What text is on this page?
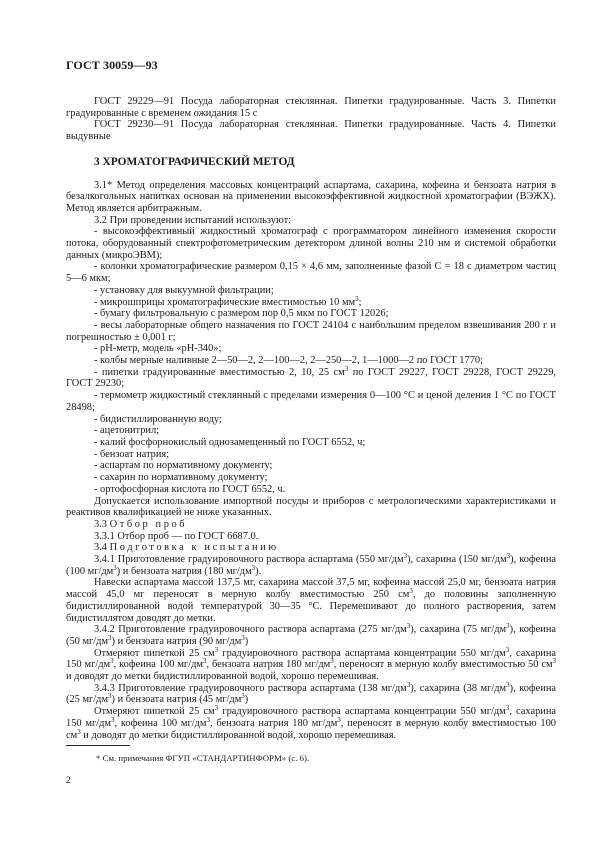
ГОСТ 30059—93

ГОСТ 29229—91 Посуда лабораторная стеклянная. Пипетки градуированные. Часть 3. Пипетки градуированные с временем ожидания 15 с

ГОСТ 29230—91 Посуда лабораторная стеклянная. Пипетки градуированные. Часть 4. Пипетки выдувные

3 ХРОМАТОГРАФИЧЕСКИЙ МЕТОД

3.1* Метод определения массовых концентраций аспартама, сахарина, кофеина и бензоата натрия в безалкогольных напитках основан на применении высокоэффективной жидкостной хроматографии (ВЭЖХ). Метод является арбитражным.

3.2 При проведении испытаний используют:

- высокоэффективный жидкостный хроматограф с программатором линейного изменения скорости потока, оборудованный спектрофотометрическим детектором длиной волны 210 нм и системой обработки данных (микроЭВМ);

- колонки хроматографические размером 0,15 × 4,6 мм, заполненные фазой С = 18 с диаметром частиц 5—6 мкм;

- установку для выкуумной фильтрации;

- микрошприцы хроматографические вместимостью 10 $мм^3$;

- бумагу фильтровальную с размером пор 0,5 мкм по ГОСТ 12026;

- весы лабораторные общего назначения по ГОСТ 24104 с наибольшим пределом взвешивания 200 г и погрешностью ± 0,001 г;

- pH-метр, модель «pH-340»;

- колбы мерные наливные 2—50—2, 2—100—2, 2—250—2, 1—1000—2 по ГОСТ 1770;

- пипетки градуированные вместимостью 2, 10, 25 $см^3$ по ГОСТ 29227, ГОСТ 29228, ГОСТ 29229, ГОСТ 29230;

- термометр жидкостный стеклянный с пределами измерения 0—100 °С и ценой деления 1 °С по ГОСТ 28498;

- бидистиллированную воду;

- ацетонитрил;

- калий фосфорнокислый однозамещенный по ГОСТ 6552, ч;

- бензоат натрия;

- аспартам по нормативному документу;

- сахарин по нормативному документу;

- ортофосфорная кислота по ГОСТ 6552, ч.

Допускается использование импортной посуды и приборов с метрологическими характеристиками и реактивов квалификацией не ниже указанных.

3.3 Отбор проб

3.3.1 Отбор проб — по ГОСТ 6687.0.

3.4 Подготовка к испытанию

3.4.1 Приготовление градуировочного раствора аспартама (550 $мг/дм^3$), сахарина (150 $мг/дм^3$), кофеина (100 $мг/дм^3$) и бензоата натрия (180 $мг/дм^3$).

Навески аспартама массой 137,5 мг, сахарина массой 37,5 мг, кофеина массой 25,0 мг, бензоата натрия массой 45,0 мг переносят в мерную колбу вместимостью 250 $см^3$, до половины заполненную бидистиллированной водой температурой 30—35 °С. Перемешивают до полного растворения, затем бидистиллятом доводят до метки.

3.4.2 Приготовление градуировочного раствора аспартама (275 $мг/дм^3$), сахарина (75 $мг/дм^3$), кофеина (50 $мг/дм^3$) и бензоата натрия (90 $мг/дм^3$)

Отмеряют пипеткой 25 $см^3$ градуировочного раствора аспартама концентрации 550 $мг/дм^3$, сахарина 150 $мг/дм^3$, кофеина 100 $мг/дм^3$, бензоата натрия 180 $мг/дм^3$, переносят в мерную колбу вместимостью 50 $см^3$ и доводят до метки бидистиллированной водой, хорошо перемешивая.

3.4.3 Приготовление градуировочного раствора аспартама (138 $мг/дм^3$), сахарина (38 $мг/дм^3$), кофеина (25 $мг/дм^3$) и бензоата натрия (45 $мг/дм^3$)

Отмеряют пипеткой 25 $см^3$ градуировочного раствора аспартама концентрации 550 $мг/дм^3$, сахарина 150 $мг/дм^3$, кофеина 100 $мг/дм^3$, бензоата натрия 180 $мг/дм^3$, переносят в мерную колбу вместимостью 100 $см^3$ и доводят до метки бидистиллированной водой, хорошо перемешивая.

* См. примечания ФГУП «СТАНДАРТИНФОРМ» (с. 6).
2
